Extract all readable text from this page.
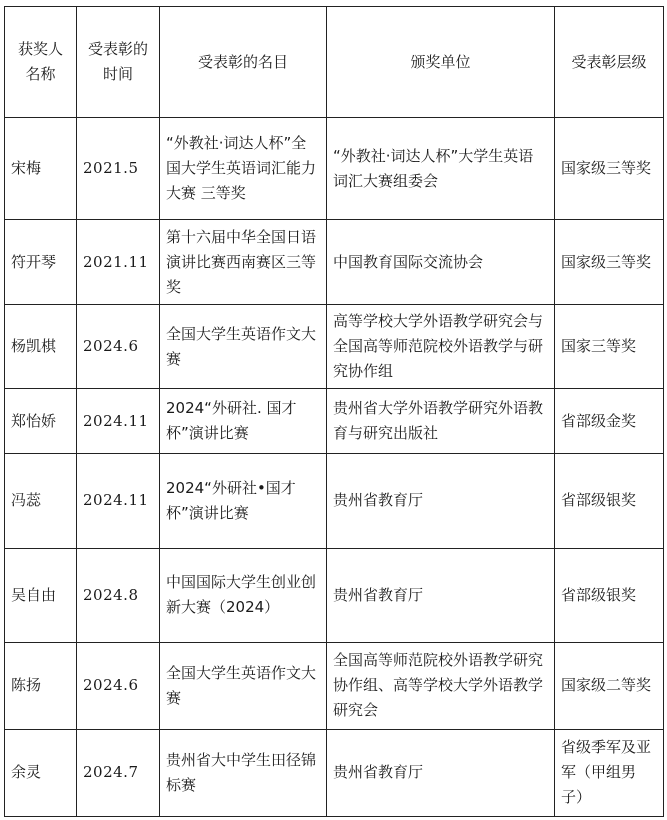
获奖人名称	受表彰的时间	受表彰的名目	颁奖单位	受表彰层级
宋梅	2021.5	“外教社·词达人杯”全国大学生英语词汇能力大赛 三等奖	“外教社·词达人杯”大学生英语词汇大赛组委会	国家级三等奖
符开琴	2021.11	第十六届中华全国日语演讲比赛西南赛区三等奖	中国教育国际交流协会	国家级三等奖
杨凯棋	2024.6	全国大学生英语作文大赛	高等学校大学外语教学研究会与全国高等师范院校外语教学与研究协作组	国家三等奖
郑怡娇	2024.11	2024“外研社. 国才杯”演讲比赛	贵州省大学外语教学研究外语教育与研究出版社	省部级金奖
冯蕊	2024.11	2024“外研社•国才杯”演讲比赛	贵州省教育厅	省部级银奖
吴自由	2024.8	中国国际大学生创业创新大赛（2024）	贵州省教育厅	省部级银奖
陈扬	2024.6	全国大学生英语作文大赛	全国高等师范院校外语教学研究协作组、高等学校大学外语教学研究会	国家级二等奖
余灵	2024.7	贵州省大中学生田径锦标赛	贵州省教育厅	省级季军及亚军（甲组男子）
